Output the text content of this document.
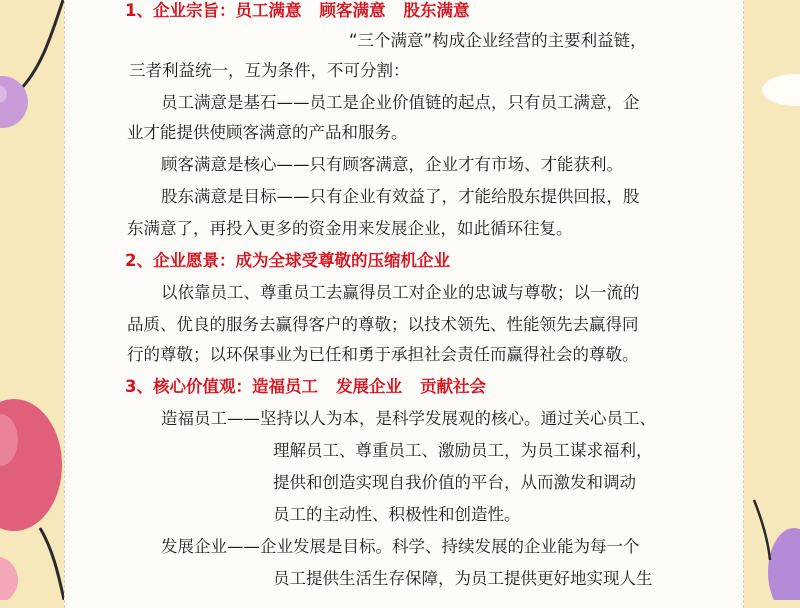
1、企业宗旨：员工满意 顾客满意 股东满意
“三个满意”构成企业经营的主要利益链，
三者利益统一，互为条件，不可分割：
员工满意是基石——员工是企业价值链的起点，只有员工满意，企
业才能提供使顾客满意的产品和服务。
顾客满意是核心——只有顾客满意，企业才有市场、才能获利。
股东满意是目标——只有企业有效益了，才能给股东提供回报，股
东满意了，再投入更多的资金用来发展企业，如此循环往复。
2、企业愿景：成为全球受尊敬的压缩机企业
以依靠员工、尊重员工去赢得员工对企业的忠诚与尊敬；以一流的
品质、优良的服务去赢得客户的尊敬；以技术领先、性能领先去赢得同
行的尊敬；以环保事业为已任和勇于承担社会责任而赢得社会的尊敬。
3、核心价值观：造福员工 发展企业 贡献社会
造福员工——坚持以人为本，是科学发展观的核心。通过关心员工、
理解员工、尊重员工、激励员工，为员工谋求福利，
提供和创造实现自我价值的平台，从而激发和调动
员工的主动性、积极性和创造性。
发展企业——企业发展是目标。科学、持续发展的企业能为每一个
员工提供生活生存保障，为员工提供更好地实现人生
